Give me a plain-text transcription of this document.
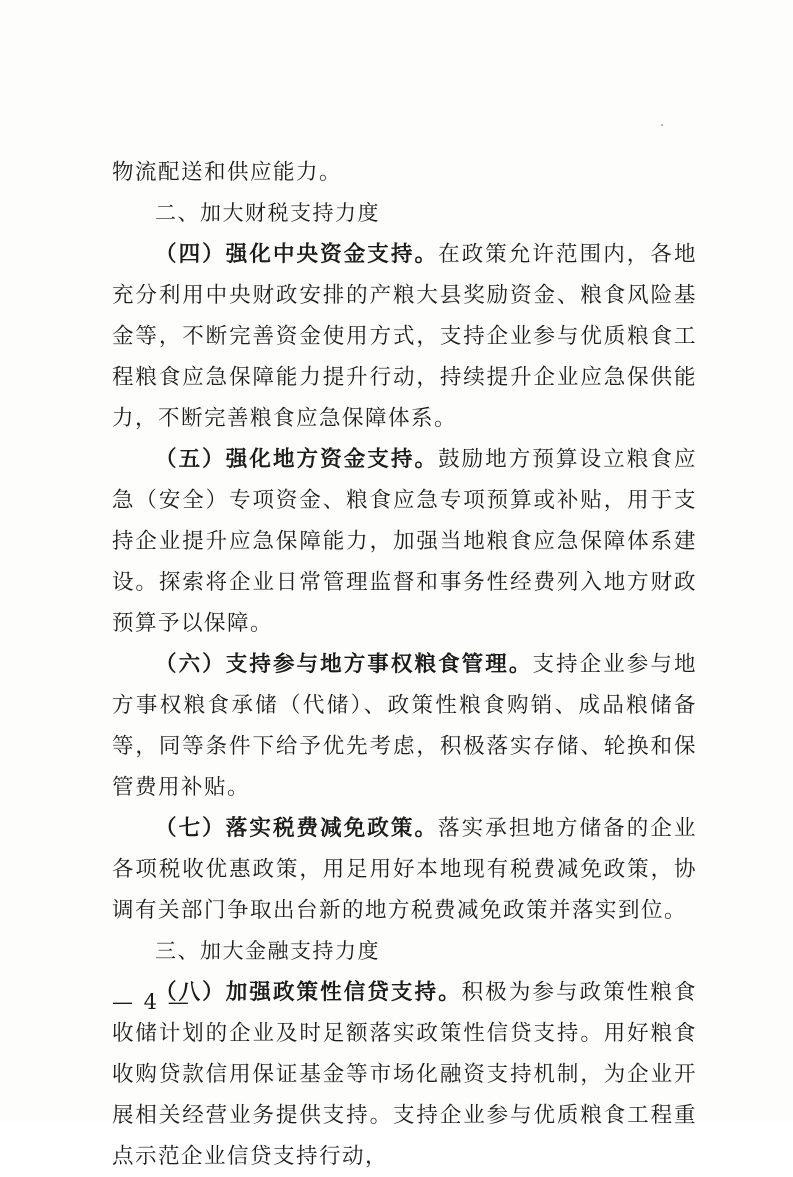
物流配送和供应能力。

二、加大财税支持力度

（四）强化中央资金支持。在政策允许范围内，各地充分利用中央财政安排的产粮大县奖励资金、粮食风险基金等，不断完善资金使用方式，支持企业参与优质粮食工程粮食应急保障能力提升行动，持续提升企业应急保供能力，不断完善粮食应急保障体系。

（五）强化地方资金支持。鼓励地方预算设立粮食应急（安全）专项资金、粮食应急专项预算或补贴，用于支持企业提升应急保障能力，加强当地粮食应急保障体系建设。探索将企业日常管理监督和事务性经费列入地方财政预算予以保障。

（六）支持参与地方事权粮食管理。支持企业参与地方事权粮食承储（代储）、政策性粮食购销、成品粮储备等，同等条件下给予优先考虑，积极落实存储、轮换和保管费用补贴。

（七）落实税费减免政策。落实承担地方储备的企业各项税收优惠政策，用足用好本地现有税费减免政策，协调有关部门争取出台新的地方税费减免政策并落实到位。

三、加大金融支持力度

（八）加强政策性信贷支持。积极为参与政策性粮食收储计划的企业及时足额落实政策性信贷支持。用好粮食收购贷款信用保证基金等市场化融资支持机制，为企业开展相关经营业务提供支持。支持企业参与优质粮食工程重点示范企业信贷支持行动，

— 4 —
